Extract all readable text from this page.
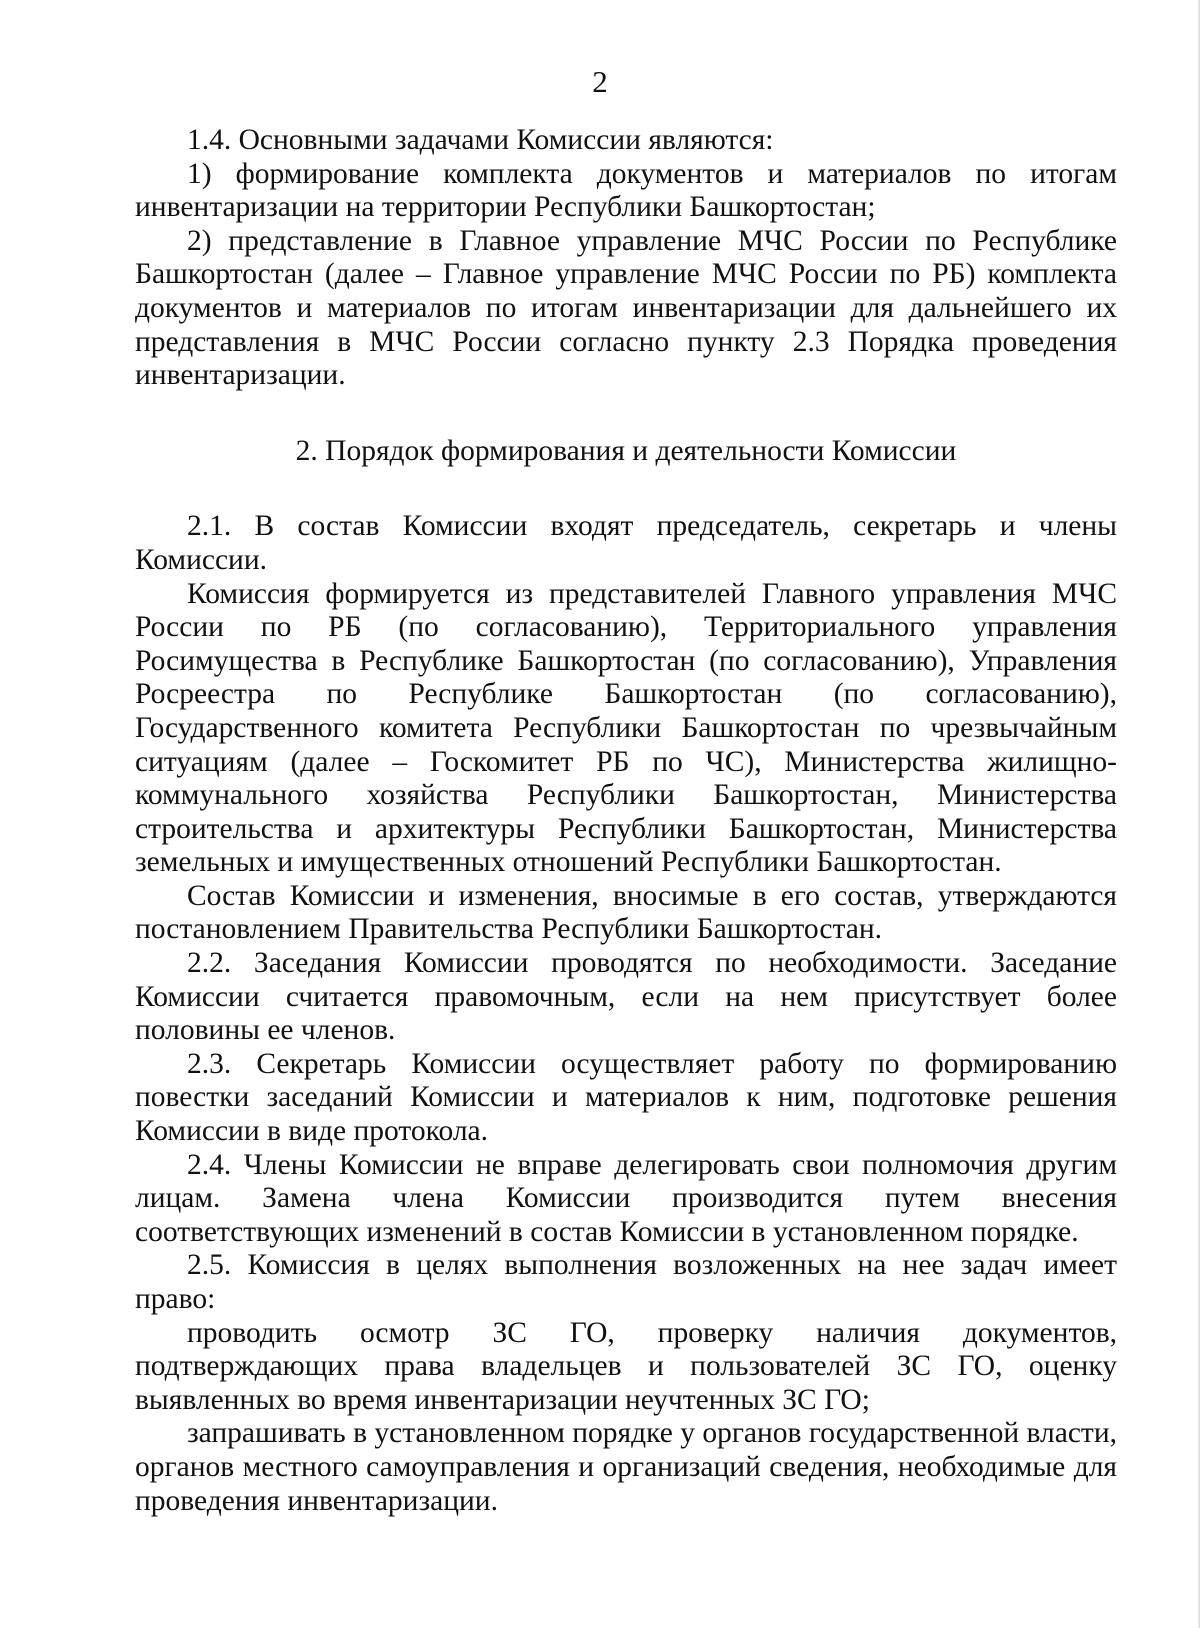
2

1.4. Основными задачами Комиссии являются:

1) формирование комплекта документов и материалов по итогам инвентаризации на территории Республики Башкортостан;

2) представление в Главное управление МЧС России по Республике Башкортостан (далее – Главное управление МЧС России по РБ) комплекта документов и материалов по итогам инвентаризации для дальнейшего их представления в МЧС России согласно пункту 2.3 Порядка проведения инвентаризации.

2. Порядок формирования и деятельности Комиссии

2.1. В состав Комиссии входят председатель, секретарь и члены Комиссии.

Комиссия формируется из представителей Главного управления МЧС России по РБ (по согласованию), Территориального управления Росимущества в Республике Башкортостан (по согласованию), Управления Росреестра по Республике Башкортостан (по согласованию), Государственного комитета Республики Башкортостан по чрезвычайным ситуациям (далее – Госкомитет РБ по ЧС), Министерства жилищно-коммунального хозяйства Республики Башкортостан, Министерства строительства и архитектуры Республики Башкортостан, Министерства земельных и имущественных отношений Республики Башкортостан.

Состав Комиссии и изменения, вносимые в его состав, утверждаются постановлением Правительства Республики Башкортостан.

2.2. Заседания Комиссии проводятся по необходимости. Заседание Комиссии считается правомочным, если на нем присутствует более половины ее членов.

2.3. Секретарь Комиссии осуществляет работу по формированию повестки заседаний Комиссии и материалов к ним, подготовке решения Комиссии в виде протокола.

2.4. Члены Комиссии не вправе делегировать свои полномочия другим лицам. Замена члена Комиссии производится путем внесения соответствующих изменений в состав Комиссии в установленном порядке.

2.5. Комиссия в целях выполнения возложенных на нее задач имеет право:

проводить осмотр ЗС ГО, проверку наличия документов, подтверждающих права владельцев и пользователей ЗС ГО, оценку выявленных во время инвентаризации неучтенных ЗС ГО;

запрашивать в установленном порядке у органов государственной власти, органов местного самоуправления и организаций сведения, необходимые для проведения инвентаризации.
